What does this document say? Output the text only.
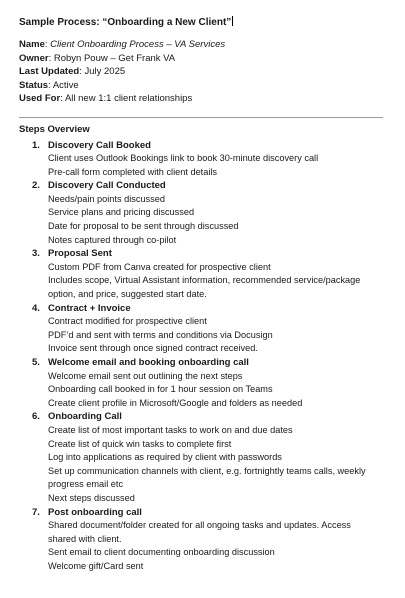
Sample Process: “Onboarding a New Client”
Name: Client Onboarding Process – VA Services
Owner: Robyn Pouw – Get Frank VA
Last Updated: July 2025
Status: Active
Used For: All new 1:1 client relationships
Steps Overview
1. Discovery Call Booked
Client uses Outlook Bookings link to book 30-minute discovery call
Pre-call form completed with client details
2. Discovery Call Conducted
Needs/pain points discussed
Service plans and pricing discussed
Date for proposal to be sent through discussed
Notes captured through co-pilot
3. Proposal Sent
Custom PDF from Canva created for prospective client
Includes scope, Virtual Assistant information, recommended service/package
option, and price, suggested start date.
4. Contract + Invoice
Contract modified for prospective client
PDF’d and sent with terms and conditions via Docusign
Invoice sent through once signed contract received.
5. Welcome email and booking onboarding call
Welcome email sent out outlining the next steps
Onboarding call booked in for 1 hour session on Teams
Create client profile in Microsoft/Google and folders as needed
6. Onboarding Call
Create list of most important tasks to work on and due dates
Create list of quick win tasks to complete first
Log into applications as required by client with passwords
Set up communication channels with client, e.g. fortnightly teams calls, weekly
progress email etc
Next steps discussed
7. Post onboarding call
Shared document/folder created for all ongoing tasks and updates. Access
shared with client.
Sent email to client documenting onboarding discussion
Welcome gift/Card sent
